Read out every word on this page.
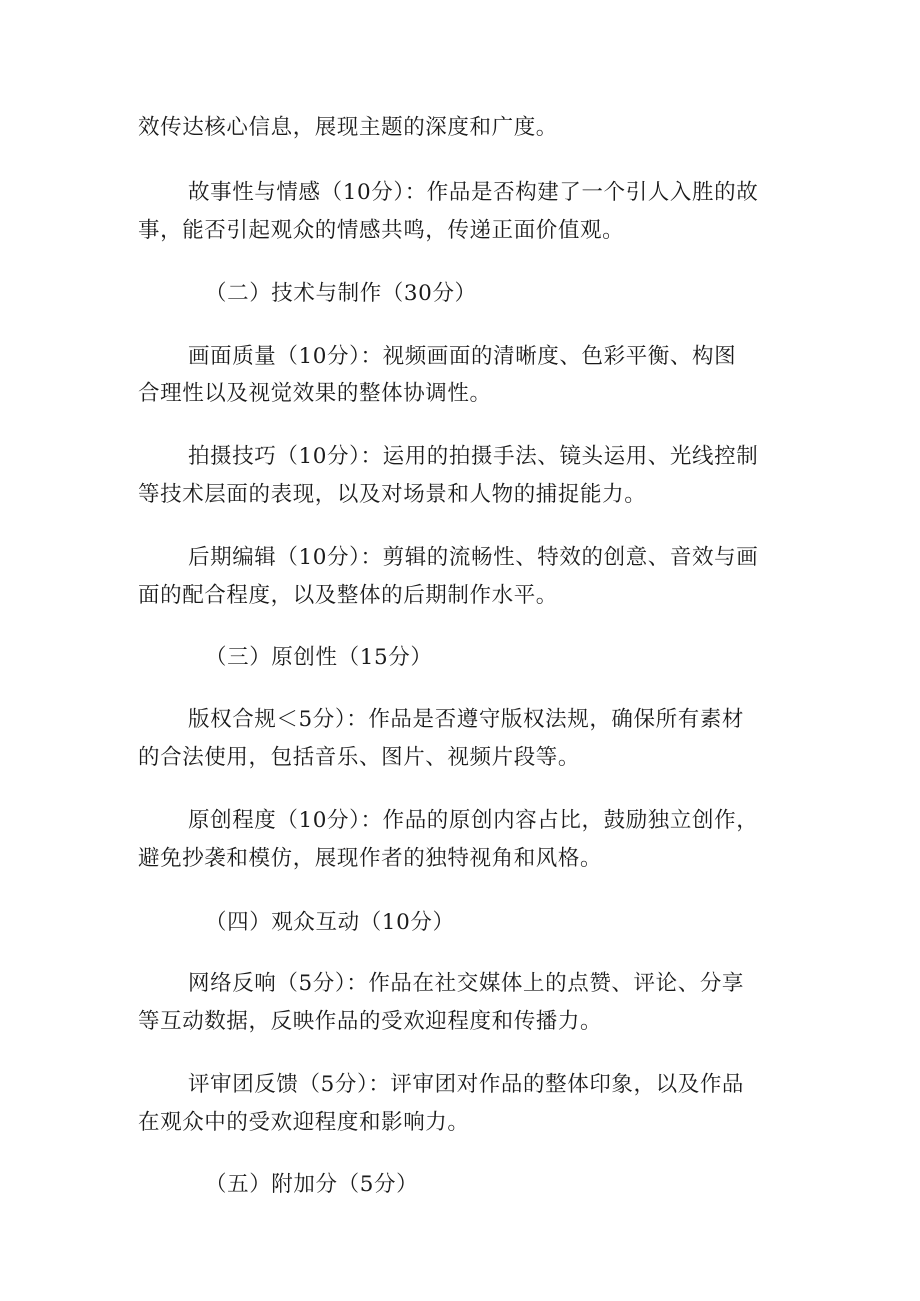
效传达核心信息，展现主题的深度和广度。
故事性与情感（10分）：作品是否构建了一个引人入胜的故
事，能否引起观众的情感共鸣，传递正面价值观。
（二）技术与制作（30分）
画面质量（10分）：视频画面的清晰度、色彩平衡、构图
合理性以及视觉效果的整体协调性。
拍摄技巧（10分）：运用的拍摄手法、镜头运用、光线控制
等技术层面的表现，以及对场景和人物的捕捉能力。
后期编辑（10分）：剪辑的流畅性、特效的创意、音效与画
面的配合程度，以及整体的后期制作水平。
（三）原创性（15分）
版权合规＜5分）：作品是否遵守版权法规，确保所有素材
的合法使用，包括音乐、图片、视频片段等。
原创程度（10分）：作品的原创内容占比，鼓励独立创作，
避免抄袭和模仿，展现作者的独特视角和风格。
（四）观众互动（10分）
网络反响（5分）：作品在社交媒体上的点赞、评论、分享
等互动数据，反映作品的受欢迎程度和传播力。
评审团反馈（5分）：评审团对作品的整体印象，以及作品
在观众中的受欢迎程度和影响力。
（五）附加分（5分）
